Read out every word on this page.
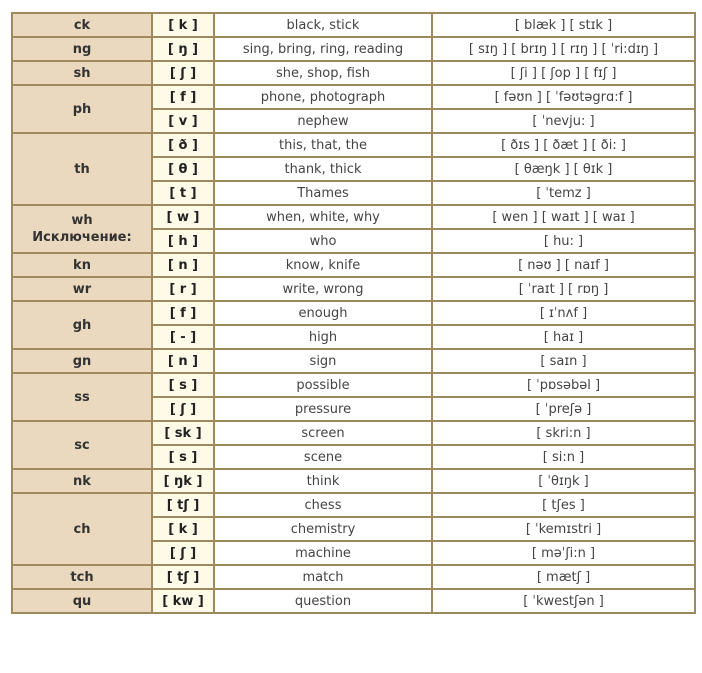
ck	[ k ]	black, stick	[ blæk ] [ stɪk ]

ng	[ ŋ ]	sing, bring, ring, reading	[ sɪŋ ] [ brɪŋ ] [ rɪŋ ] [ ˈri:dɪŋ ]

sh	[ ʃ ]	she, shop, fish	[ ʃi ] [ ʃop ] [ fɪʃ ]

ph	[ f ]	phone, photograph	[ fəʊn ] [ ˈfəʊtəgrɑ:f ]
	[ v ]	nephew	[ ˈnevju: ]

th	[ ð ]	this, that, the	[ ðɪs ] [ ðæt ] [ ði: ]
	[ θ ]	thank, thick	[ θæŋk ] [ θɪk ]
	[ t ]	Thames	[ ˈtemz ]

wh
Исключение:	[ w ]	when, white, why	[ wen ] [ waɪt ] [ waɪ ]
	[ h ]	who	[ hu: ]

kn	[ n ]	know, knife	[ nəʊ ] [ naɪf ]

wr	[ r ]	write, wrong	[ ˈraɪt ] [ rɒŋ ]

gh	[ f ]	enough	[ ɪˈnʌf ]
	[ - ]	high	[ haɪ ]

gn	[ n ]	sign	[ saɪn ]

ss	[ s ]	possible	[ ˈpɒsəbəl ]
	[ ʃ ]	pressure	[ ˈpreʃə ]

sc	[ sk ]	screen	[ skri:n ]
	[ s ]	scene	[ si:n ]

nk	[ ŋk ]	think	[ ˈθɪŋk ]

ch	[ tʃ ]	chess	[ tʃes ]
	[ k ]	chemistry	[ ˈkemɪstri ]
	[ ʃ ]	machine	[ məˈʃi:n ]

tch	[ tʃ ]	match	[ mætʃ ]

qu	[ kw ]	question	[ ˈkwestʃən ]
